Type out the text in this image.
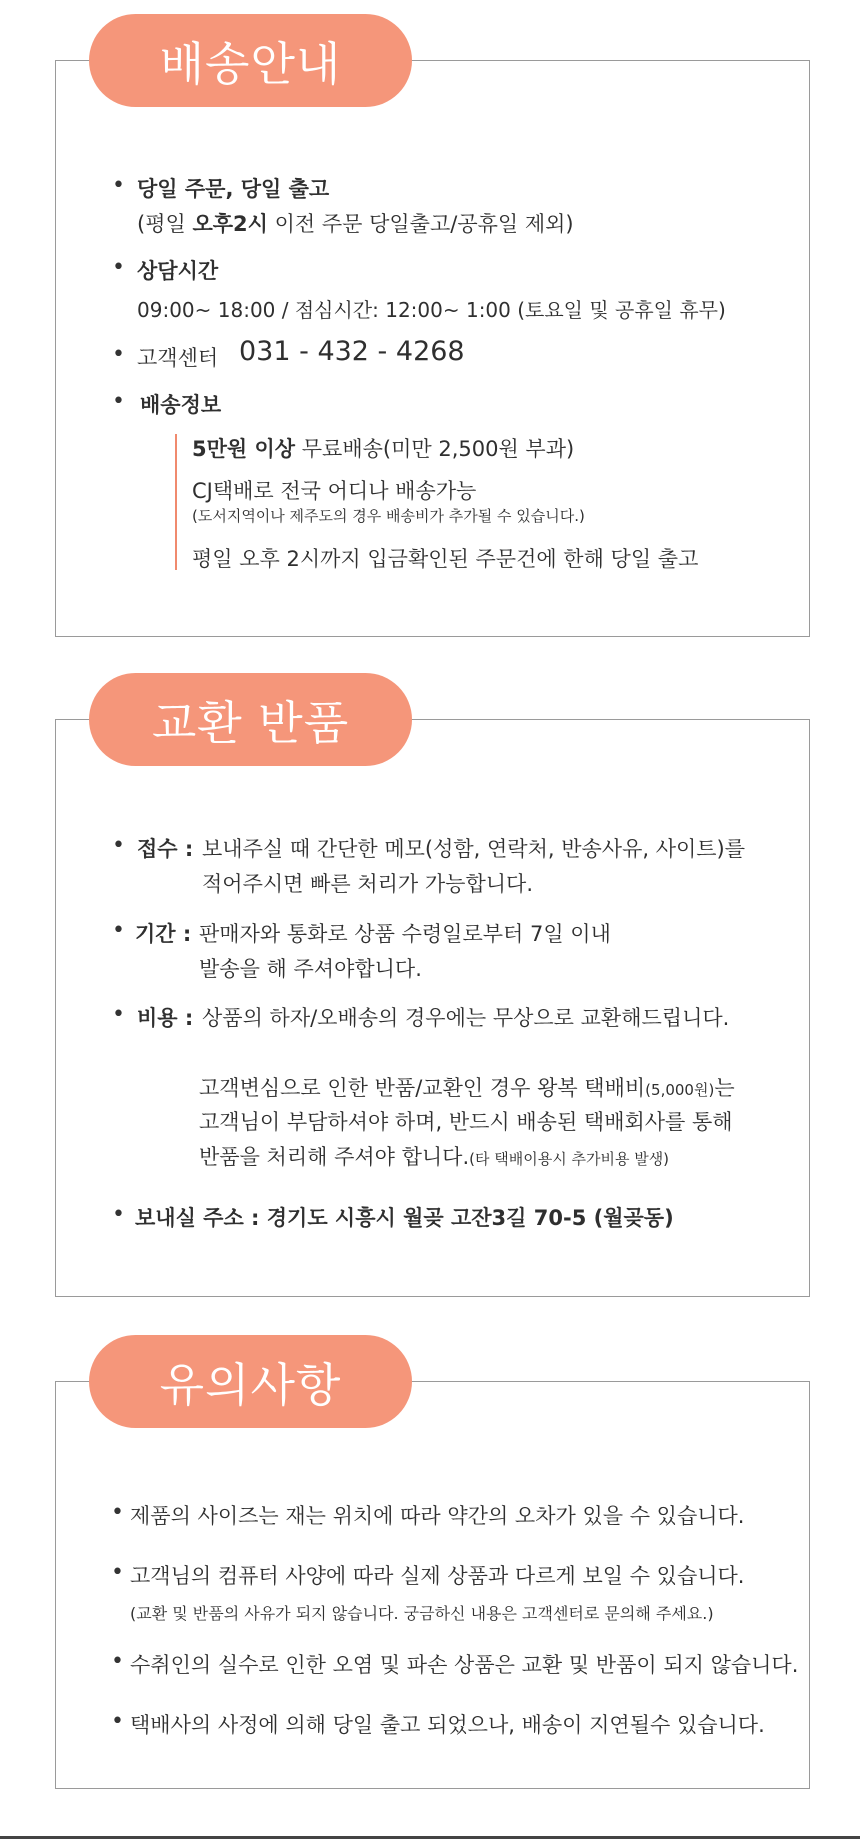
배송안내
• 당일 주문, 당일 출고
(평일 오후2시 이전 주문 당일출고/공휴일 제외)
• 상담시간
09:00~ 18:00 / 점심시간: 12:00~ 1:00 (토요일 및 공휴일 휴무)
• 고객센터 031 - 432 - 4268
• 배송정보
5만원 이상 무료배송(미만 2,500원 부과)
CJ택배로 전국 어디나 배송가능
(도서지역이나 제주도의 경우 배송비가 추가될 수 있습니다.)
평일 오후 2시까지 입금확인된 주문건에 한해 당일 출고
교환 반품
• 접수 : 보내주실 때 간단한 메모(성함, 연락처, 반송사유, 사이트)를
적어주시면 빠른 처리가 가능합니다.
• 기간 : 판매자와 통화로 상품 수령일로부터 7일 이내
발송을 해 주셔야합니다.
• 비용 : 상품의 하자/오배송의 경우에는 무상으로 교환해드립니다.
고객변심으로 인한 반품/교환인 경우 왕복 택배비(5,000원)는
고객님이 부담하셔야 하며, 반드시 배송된 택배회사를 통해
반품을 처리해 주셔야 합니다.(타 택배이용시 추가비용 발생)
• 보내실 주소 : 경기도 시흥시 월곶 고잔3길 70-5 (월곶동)
유의사항
• 제품의 사이즈는 재는 위치에 따라 약간의 오차가 있을 수 있습니다.
• 고객님의 컴퓨터 사양에 따라 실제 상품과 다르게 보일 수 있습니다.
(교환 및 반품의 사유가 되지 않습니다. 궁금하신 내용은 고객센터로 문의해 주세요.)
• 수취인의 실수로 인한 오염 및 파손 상품은 교환 및 반품이 되지 않습니다.
• 택배사의 사정에 의해 당일 출고 되었으나, 배송이 지연될수 있습니다.
